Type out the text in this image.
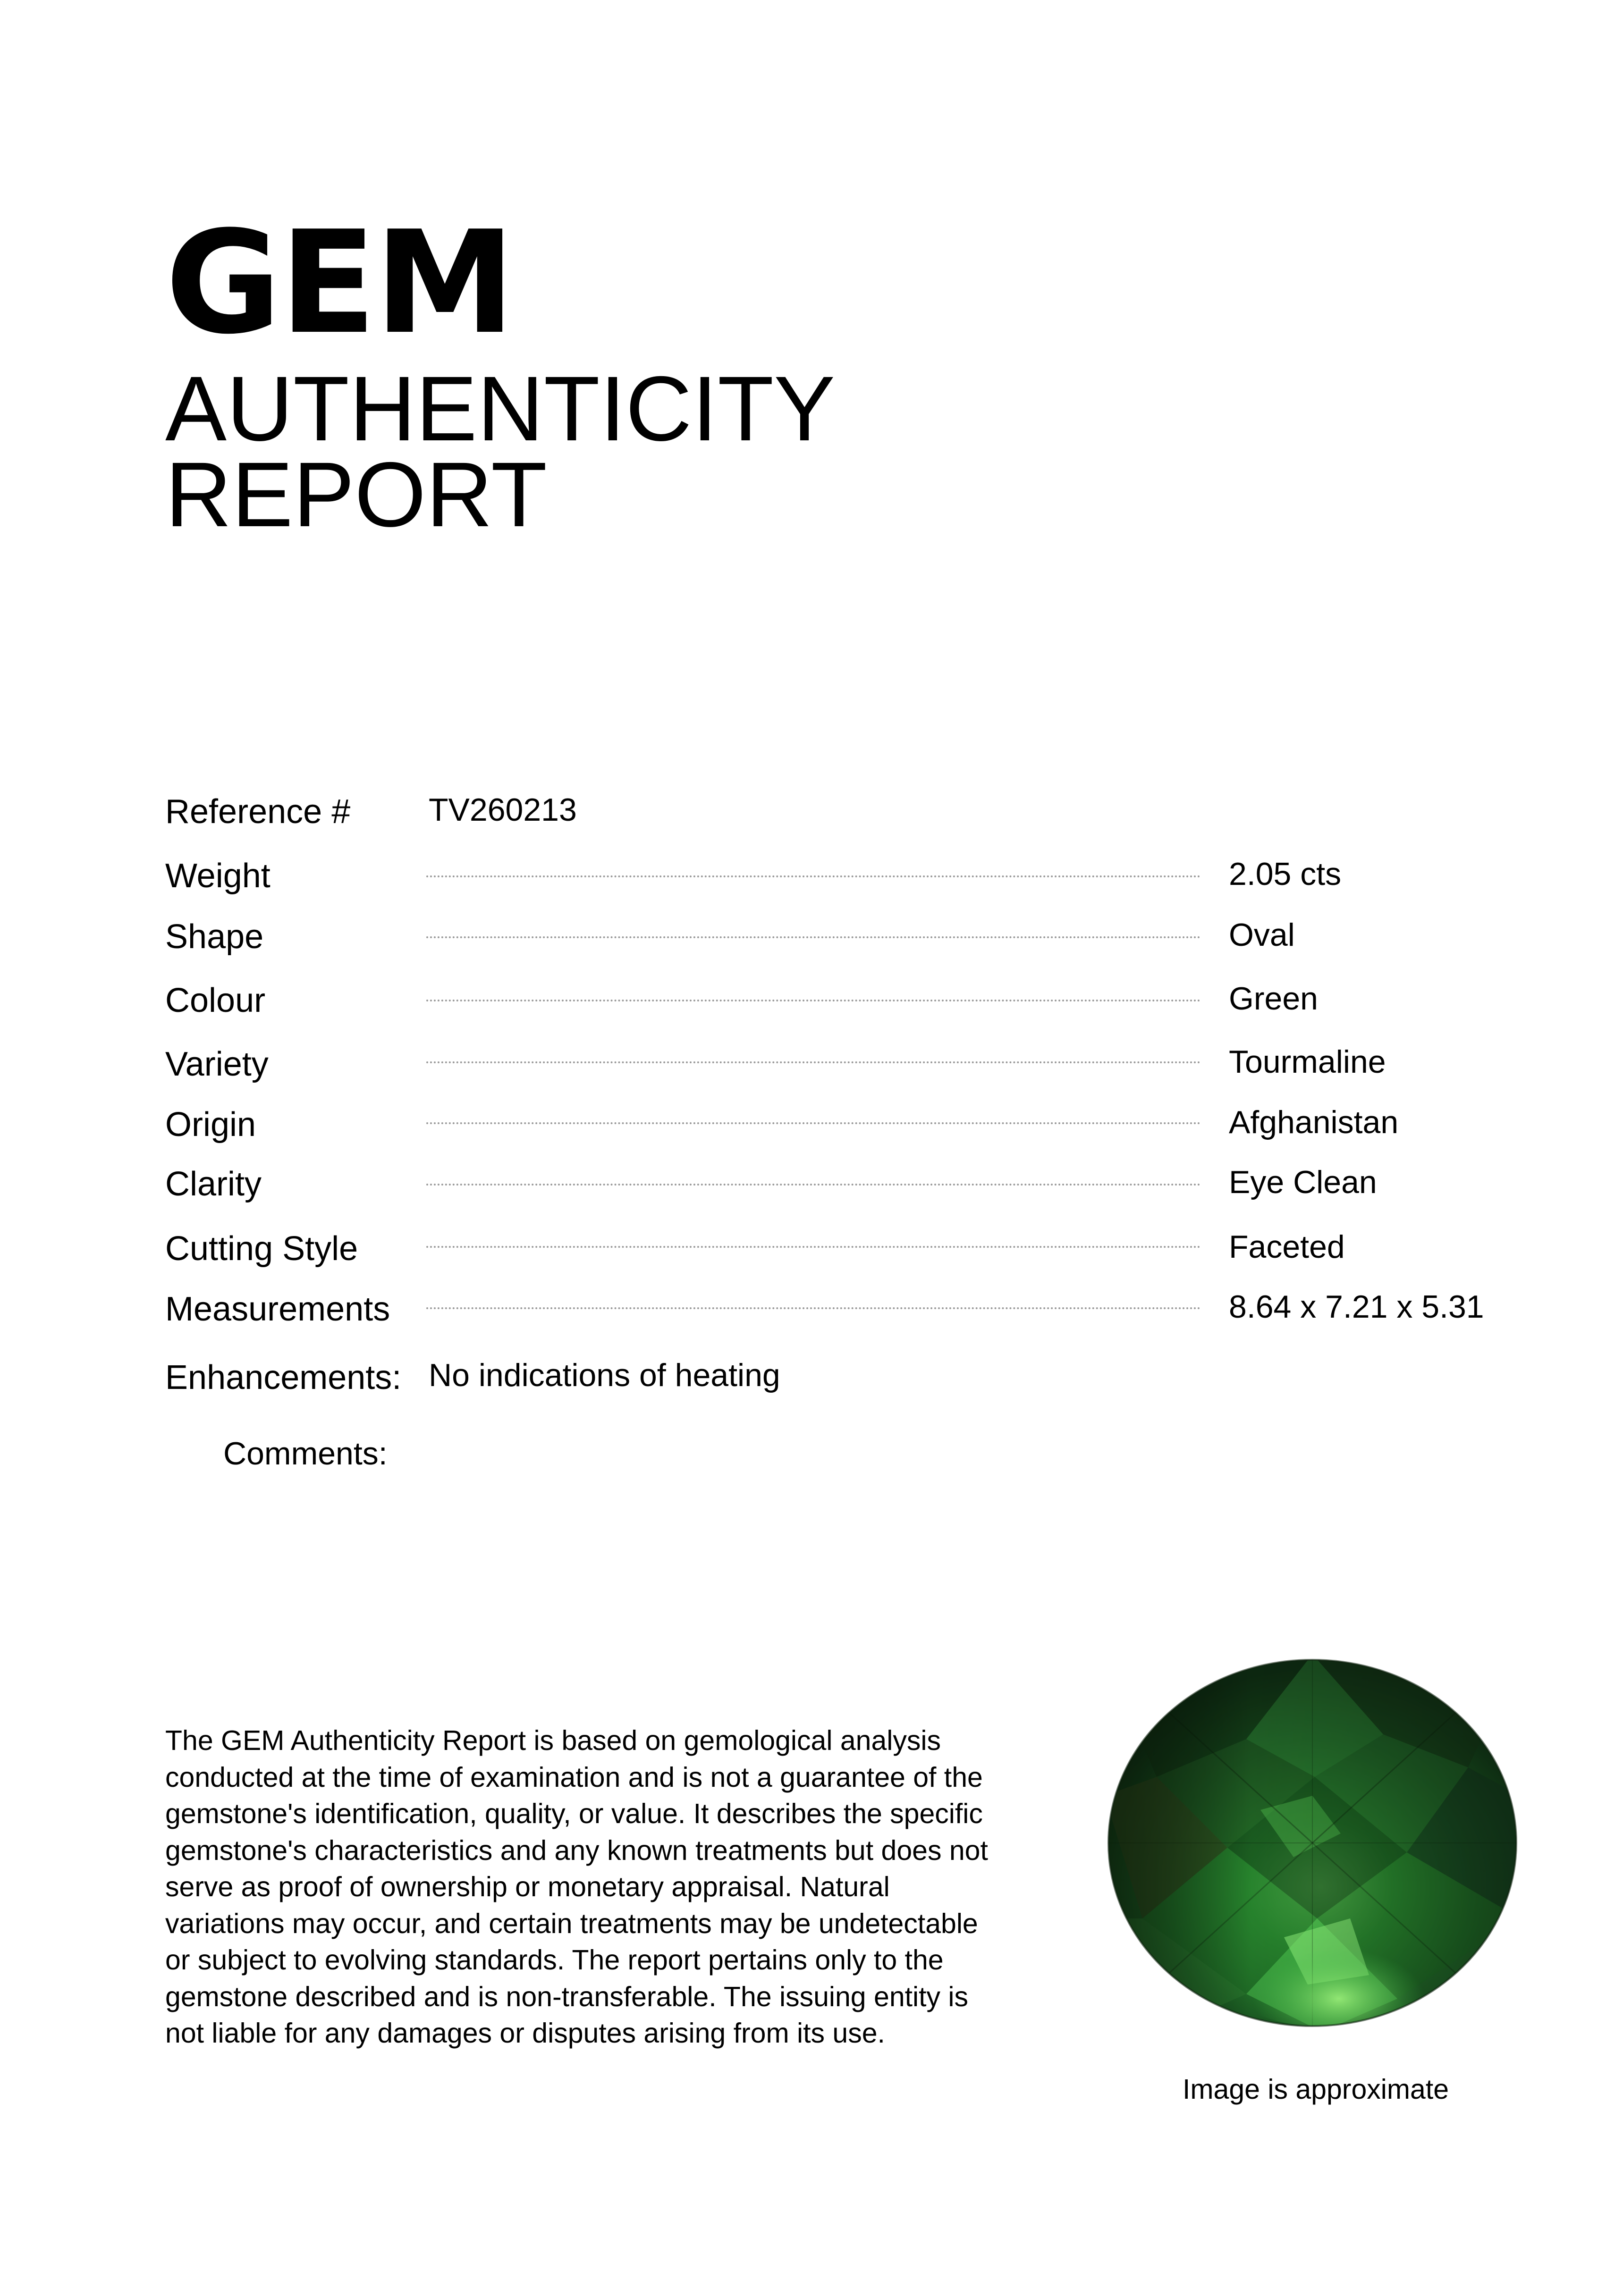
GEM
AUTHENTICITY
REPORT
Reference # TV260213
Weight	2.05 cts
Shape	Oval
Colour	Green
Variety	Tourmaline
Origin	Afghanistan
Clarity	Eye Clean
Cutting Style	Faceted
Measurements	8.64 x 7.21 x 5.31
Enhancements: No indications of heating
Comments:
The GEM Authenticity Report is based on gemological analysis conducted at the time of examination and is not a guarantee of the gemstone's identification, quality, or value. It describes the specific gemstone's characteristics and any known treatments but does not serve as proof of ownership or monetary appraisal. Natural variations may occur, and certain treatments may be undetectable or subject to evolving standards. The report pertains only to the gemstone described and is non-transferable. The issuing entity is not liable for any damages or disputes arising from its use.
Image is approximate
